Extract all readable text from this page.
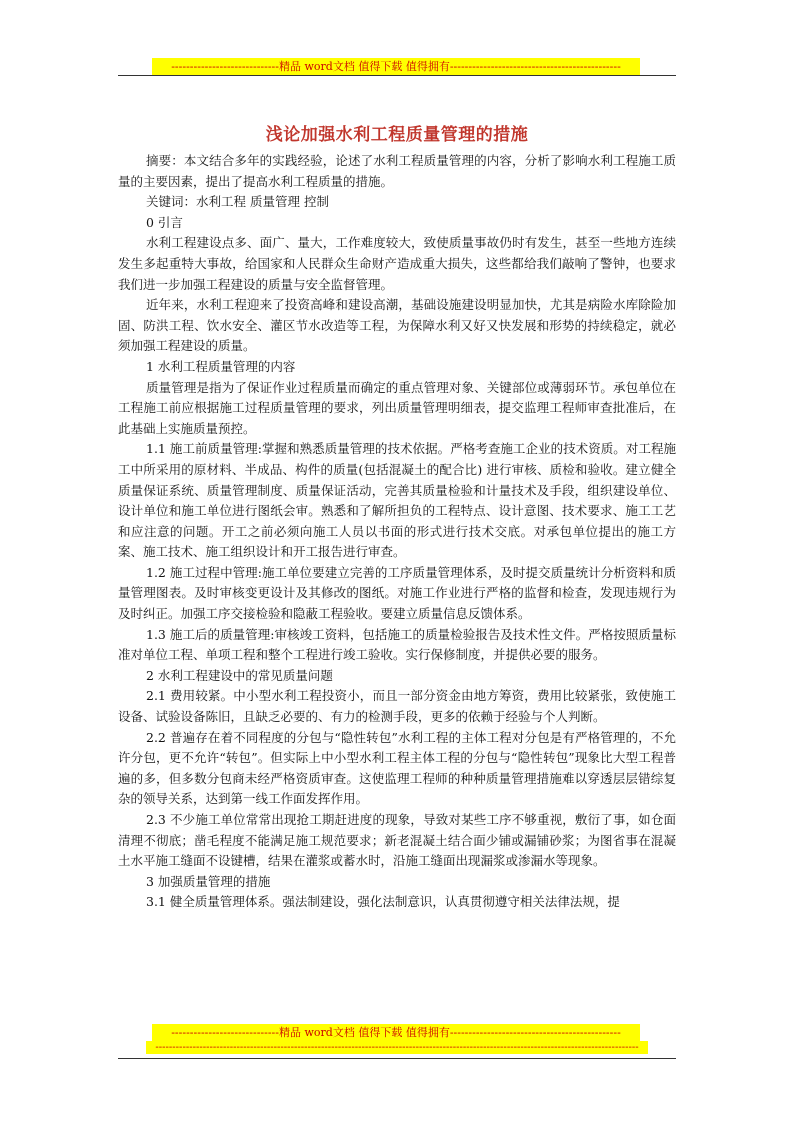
-----------------------------精品 word文档 值得下载 值得拥有----------------------------------------------
浅论加强水利工程质量管理的措施

摘要：本文结合多年的实践经验，论述了水利工程质量管理的内容，分析了影响水利工程施工质量的主要因素，提出了提高水利工程质量的措施。

关键词：水利工程 质量管理 控制

0 引言

水利工程建设点多、面广、量大，工作难度较大，致使质量事故仍时有发生，甚至一些地方连续发生多起重特大事故，给国家和人民群众生命财产造成重大损失，这些都给我们敲响了警钟，也要求我们进一步加强工程建设的质量与安全监督管理。

近年来，水利工程迎来了投资高峰和建设高潮，基础设施建设明显加快，尤其是病险水库除险加固、防洪工程、饮水安全、灌区节水改造等工程，为保障水利又好又快发展和形势的持续稳定，就必须加强工程建设的质量。

1 水利工程质量管理的内容

质量管理是指为了保证作业过程质量而确定的重点管理对象、关键部位或薄弱环节。承包单位在工程施工前应根据施工过程质量管理的要求，列出质量管理明细表，提交监理工程师审查批准后，在此基础上实施质量预控。

1.1 施工前质量管理:掌握和熟悉质量管理的技术依据。严格考查施工企业的技术资质。对工程施工中所采用的原材料、半成品、构件的质量(包括混凝土的配合比) 进行审核、质检和验收。建立健全质量保证系统、质量管理制度、质量保证活动，完善其质量检验和计量技术及手段，组织建设单位、设计单位和施工单位进行图纸会审。熟悉和了解所担负的工程特点、设计意图、技术要求、施工工艺和应注意的问题。开工之前必须向施工人员以书面的形式进行技术交底。对承包单位提出的施工方案、施工技术、施工组织设计和开工报告进行审查。

1.2 施工过程中管理:施工单位要建立完善的工序质量管理体系，及时提交质量统计分析资料和质量管理图表。及时审核变更设计及其修改的图纸。对施工作业进行严格的监督和检查，发现违规行为及时纠正。加强工序交接检验和隐蔽工程验收。要建立质量信息反馈体系。

1.3 施工后的质量管理:审核竣工资料，包括施工的质量检验报告及技术性文件。严格按照质量标准对单位工程、单项工程和整个工程进行竣工验收。实行保修制度，并提供必要的服务。

2 水利工程建设中的常见质量问题

2.1 费用较紧。中小型水利工程投资小，而且一部分资金由地方筹资，费用比较紧张，致使施工设备、试验设备陈旧，且缺乏必要的、有力的检测手段，更多的依赖于经验与个人判断。

2.2 普遍存在着不同程度的分包与“隐性转包”水利工程的主体工程对分包是有严格管理的，不允许分包，更不允许“转包”。但实际上中小型水利工程主体工程的分包与“隐性转包”现象比大型工程普遍的多，但多数分包商未经严格资质审查。这使监理工程师的种种质量管理措施难以穿透层层错综复杂的领导关系，达到第一线工作面发挥作用。

2.3 不少施工单位常常出现抢工期赶进度的现象，导致对某些工序不够重视，敷衍了事，如仓面清理不彻底；凿毛程度不能满足施工规范要求；新老混凝土结合面少铺或漏铺砂浆；为图省事在混凝土水平施工缝面不设键槽，结果在灌浆或蓄水时，沿施工缝面出现漏浆或渗漏水等现象。

3 加强质量管理的措施

3.1 健全质量管理体系。强法制建设，强化法制意识，认真贯彻遵守相关法律法规，提

-----------------------------精品 word文档 值得下载 值得拥有----------------------------------------------
-----------------------------------------------------------------------------------------------------------------------------------------------
